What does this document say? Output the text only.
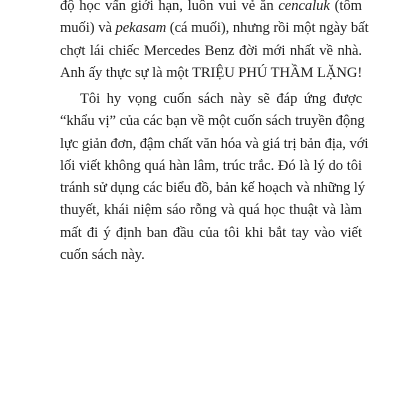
độ học vấn giới hạn, luôn vui vẻ ăn cencaluk (tôm
muối) và pekasam (cá muối), nhưng rồi một ngày bất
chợt lái chiếc Mercedes Benz đời mới nhất về nhà.
Anh ấy thực sự là một TRIỆU PHÚ THẦM LẶNG!
Tôi hy vọng cuốn sách này sẽ đáp ứng được
“khẩu vị” của các bạn về một cuốn sách truyền động
lực giản đơn, đậm chất văn hóa và giá trị bản địa, với
lối viết không quá hàn lâm, trúc trắc. Đó là lý do tôi
tránh sử dụng các biểu đồ, bản kế hoạch và những lý
thuyết, khái niệm sáo rỗng và quá học thuật và làm
mất đi ý định ban đầu của tôi khi bắt tay vào viết
cuốn sách này.
